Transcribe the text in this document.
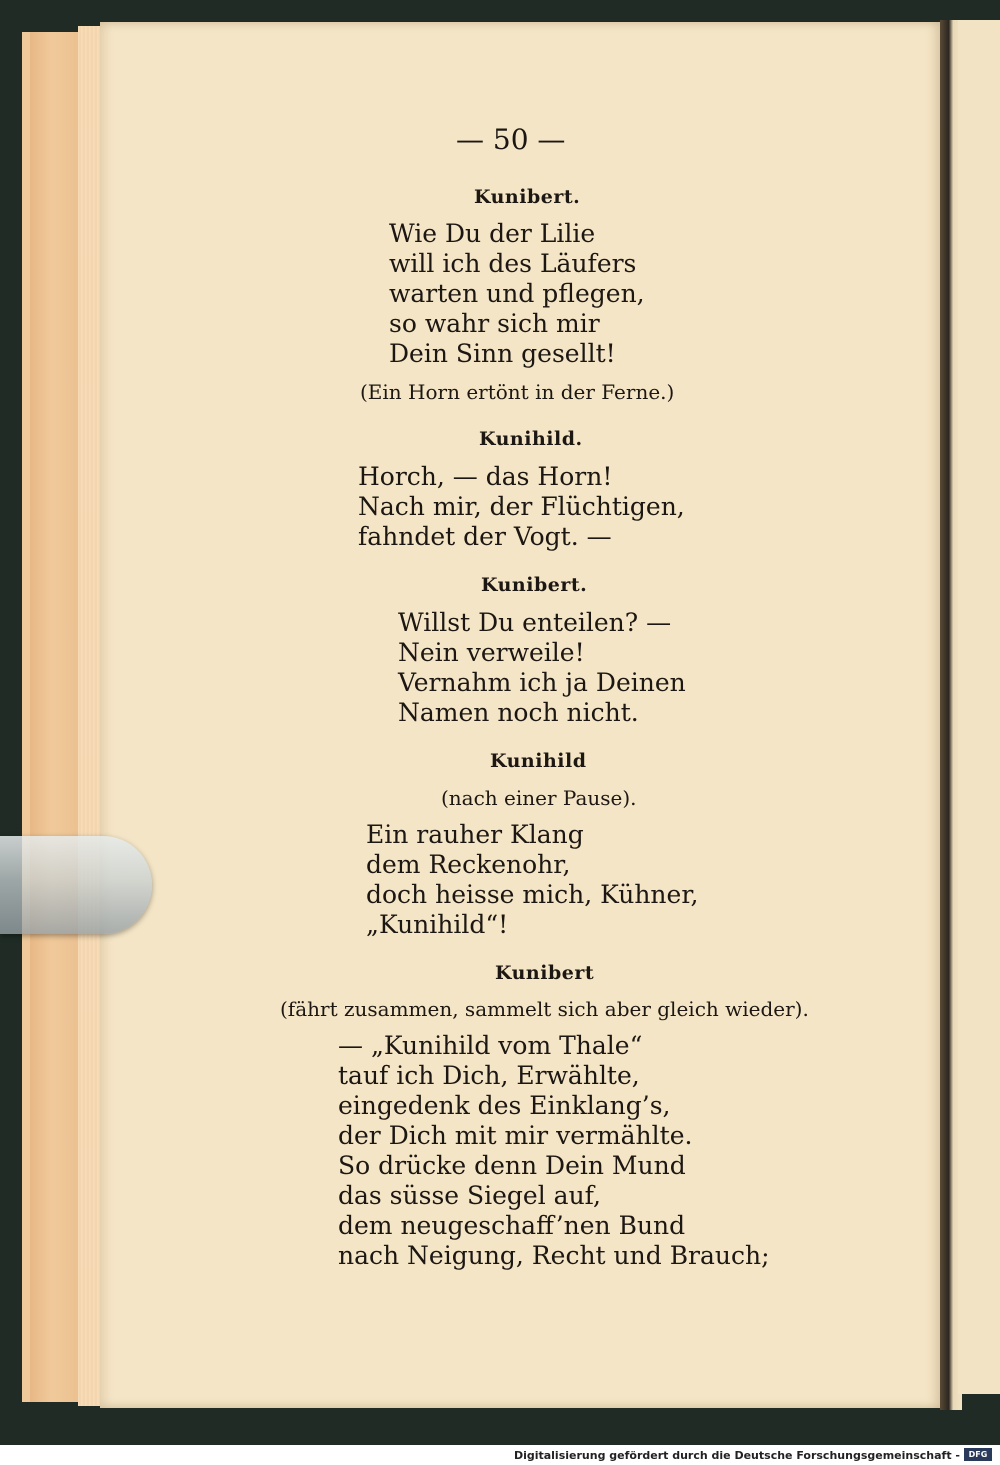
— 50 —
Kunibert.
Wie Du der Lilie
will ich des Läufers
warten und pflegen,
so wahr sich mir
Dein Sinn gesellt!
(Ein Horn ertönt in der Ferne.)
Kunihild.
Horch, — das Horn!
Nach mir, der Flüchtigen,
fahndet der Vogt. —
Kunibert.
Willst Du enteilen? —
Nein verweile!
Vernahm ich ja Deinen
Namen noch nicht.
Kunihild
(nach einer Pause).
Ein rauher Klang
dem Reckenohr,
doch heisse mich, Kühner,
„Kunihild“!
Kunibert
(fährt zusammen, sammelt sich aber gleich wieder).
— „Kunihild vom Thale“
tauf ich Dich, Erwählte,
eingedenk des Einklang’s,
der Dich mit mir vermählte.
So drücke denn Dein Mund
das süsse Siegel auf,
dem neugeschaff’nen Bund
nach Neigung, Recht und Brauch;
Digitalisierung gefördert durch die Deutsche Forschungsgemeinschaft -	DFG
